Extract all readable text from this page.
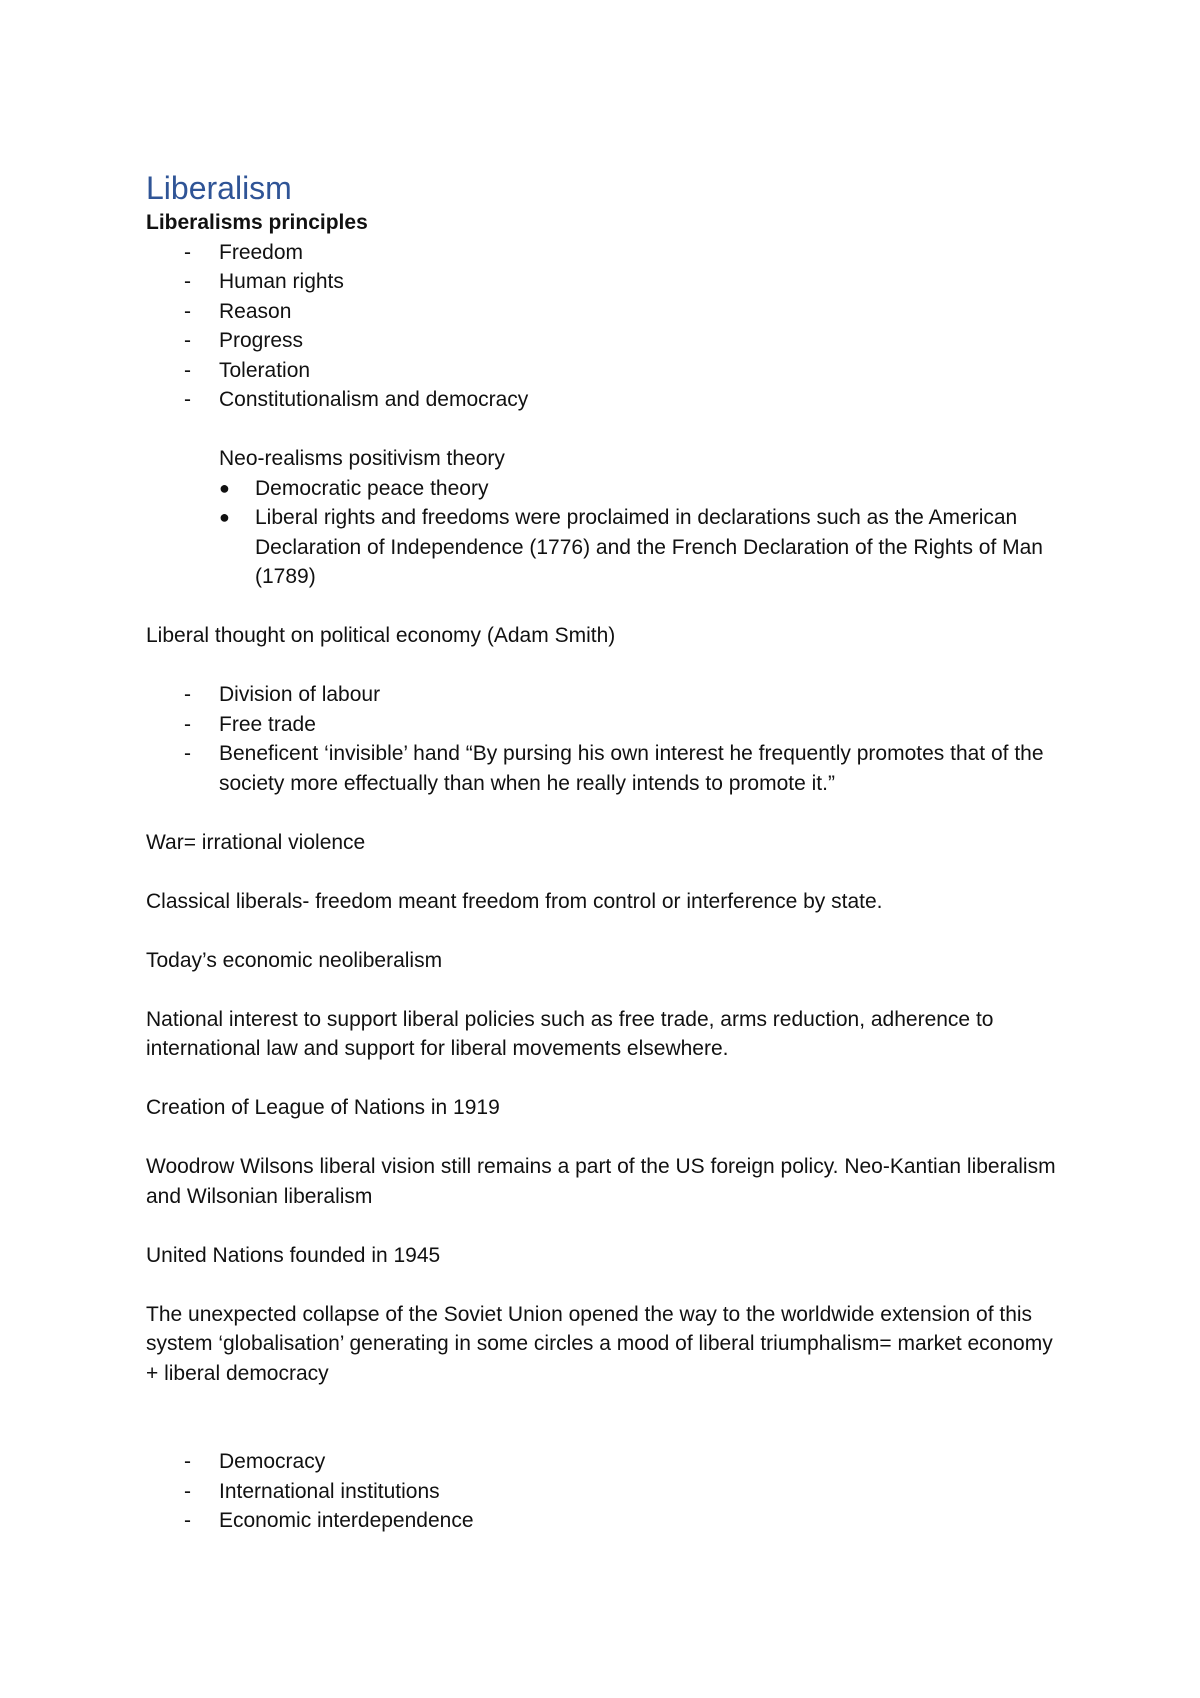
Liberalism

Liberalisms principles

- Freedom
- Human rights
- Reason
- Progress
- Toleration
- Constitutionalism and democracy

Neo-realisms positivism theory

● Democratic peace theory
● Liberal rights and freedoms were proclaimed in declarations such as the American Declaration of Independence (1776) and the French Declaration of the Rights of Man (1789)

Liberal thought on political economy (Adam Smith)

- Division of labour
- Free trade
- Beneficent ‘invisible’ hand “By pursing his own interest he frequently promotes that of the society more effectually than when he really intends to promote it.”

War= irrational violence

Classical liberals- freedom meant freedom from control or interference by state.

Today’s economic neoliberalism

National interest to support liberal policies such as free trade, arms reduction, adherence to international law and support for liberal movements elsewhere.

Creation of League of Nations in 1919

Woodrow Wilsons liberal vision still remains a part of the US foreign policy. Neo-Kantian liberalism and Wilsonian liberalism

United Nations founded in 1945

The unexpected collapse of the Soviet Union opened the way to the worldwide extension of this system ‘globalisation’ generating in some circles a mood of liberal triumphalism= market economy + liberal democracy

- Democracy
- International institutions
- Economic interdependence
